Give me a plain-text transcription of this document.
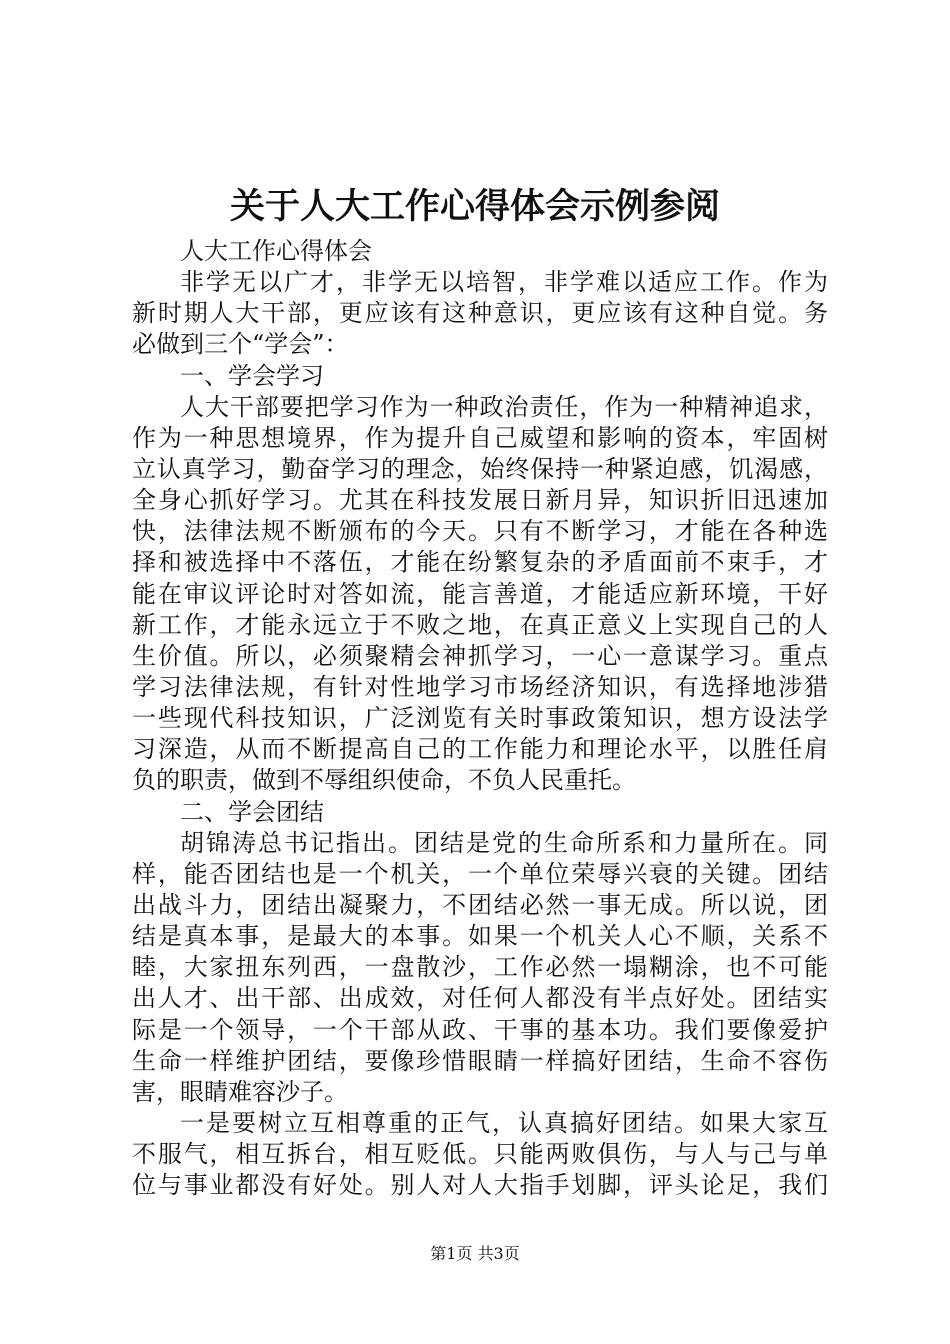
关于人大工作心得体会示例参阅
人大工作心得体会
非学无以广才，非学无以培智，非学难以适应工作。作为
新时期人大干部，更应该有这种意识，更应该有这种自觉。务
必做到三个“学会”：
一、学会学习
人大干部要把学习作为一种政治责任，作为一种精神追求，
作为一种思想境界，作为提升自己威望和影响的资本，牢固树
立认真学习，勤奋学习的理念，始终保持一种紧迫感，饥渴感，
全身心抓好学习。尤其在科技发展日新月异，知识折旧迅速加
快，法律法规不断颁布的今天。只有不断学习，才能在各种选
择和被选择中不落伍，才能在纷繁复杂的矛盾面前不束手，才
能在审议评论时对答如流，能言善道，才能适应新环境，干好
新工作，才能永远立于不败之地，在真正意义上实现自己的人
生价值。所以，必须聚精会神抓学习，一心一意谋学习。重点
学习法律法规，有针对性地学习市场经济知识，有选择地涉猎
一些现代科技知识，广泛浏览有关时事政策知识，想方设法学
习深造，从而不断提高自己的工作能力和理论水平，以胜任肩
负的职责，做到不辱组织使命，不负人民重托。
二、学会团结
胡锦涛总书记指出。团结是党的生命所系和力量所在。同
样，能否团结也是一个机关，一个单位荣辱兴衰的关键。团结
出战斗力，团结出凝聚力，不团结必然一事无成。所以说，团
结是真本事，是最大的本事。如果一个机关人心不顺，关系不
睦，大家扭东列西，一盘散沙，工作必然一塌糊涂，也不可能
出人才、出干部、出成效，对任何人都没有半点好处。团结实
际是一个领导，一个干部从政、干事的基本功。我们要像爱护
生命一样维护团结，要像珍惜眼睛一样搞好团结，生命不容伤
害，眼睛难容沙子。
一是要树立互相尊重的正气，认真搞好团结。如果大家互
不服气，相互拆台，相互贬低。只能两败俱伤，与人与己与单
位与事业都没有好处。别人对人大指手划脚，评头论足，我们
第1页 共3页
